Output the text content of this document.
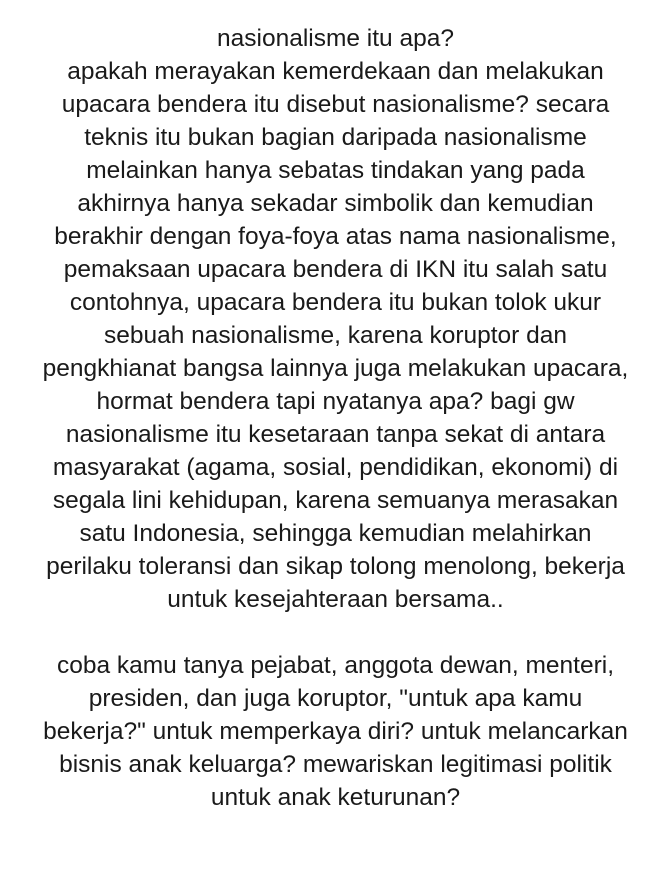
nasionalisme itu apa?
apakah merayakan kemerdekaan dan melakukan
upacara bendera itu disebut nasionalisme? secara
teknis itu bukan bagian daripada nasionalisme
melainkan hanya sebatas tindakan yang pada
akhirnya hanya sekadar simbolik dan kemudian
berakhir dengan foya-foya atas nama nasionalisme,
pemaksaan upacara bendera di IKN itu salah satu
contohnya, upacara bendera itu bukan tolok ukur
sebuah nasionalisme, karena koruptor dan
pengkhianat bangsa lainnya juga melakukan upacara,
hormat bendera tapi nyatanya apa? bagi gw
nasionalisme itu kesetaraan tanpa sekat di antara
masyarakat (agama, sosial, pendidikan, ekonomi) di
segala lini kehidupan, karena semuanya merasakan
satu Indonesia, sehingga kemudian melahirkan
perilaku toleransi dan sikap tolong menolong, bekerja
untuk kesejahteraan bersama..
coba kamu tanya pejabat, anggota dewan, menteri,
presiden, dan juga koruptor, "untuk apa kamu
bekerja?" untuk memperkaya diri? untuk melancarkan
bisnis anak keluarga? mewariskan legitimasi politik
untuk anak keturunan?
